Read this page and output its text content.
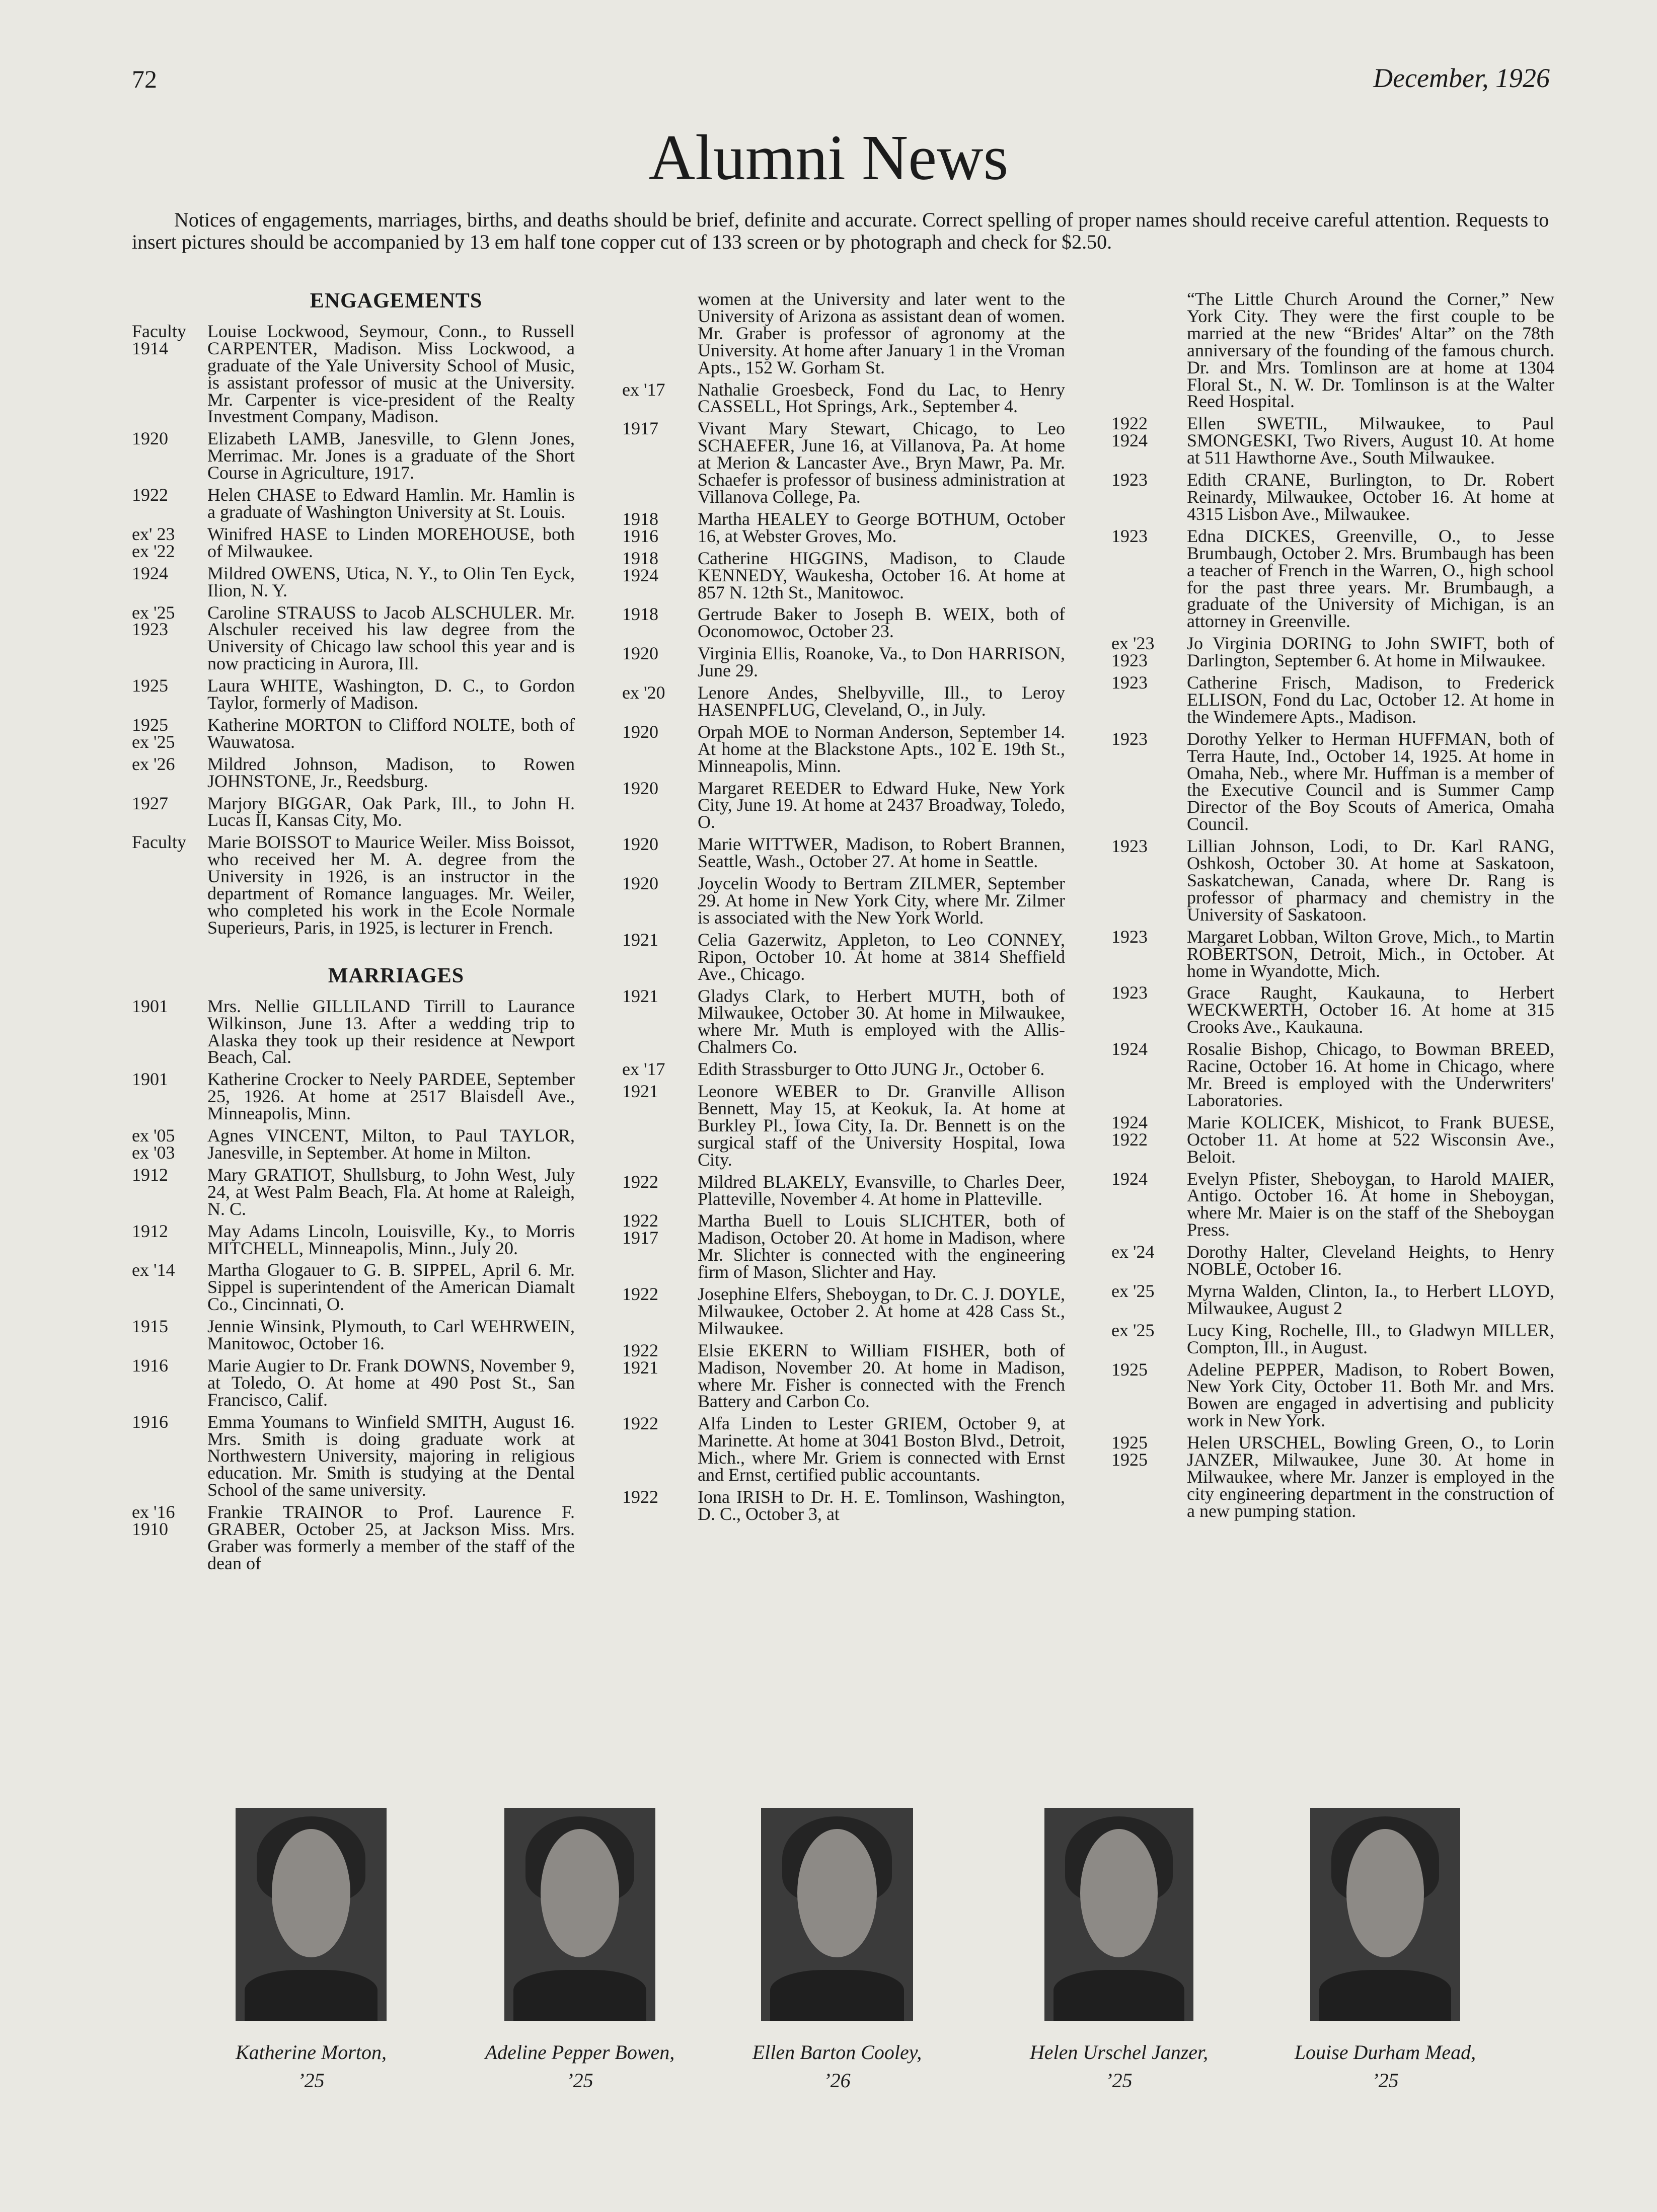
72	December, 1926
Alumni News
Notices of engagements, marriages, births, and deaths should be brief, definite and accurate. Correct spelling of proper names should receive careful attention. Requests to insert pictures should be accompanied by 13 em half tone copper cut of 133 screen or by photograph and check for $2.50.
ENGAGEMENTS
Faculty
1914
Louise Lockwood, Seymour, Conn., to Russell CARPENTER, Madison. Miss Lockwood, a graduate of the Yale University School of Music, is assistant professor of music at the University. Mr. Carpenter is vice-president of the Realty Investment Company, Madison.
1920 Elizabeth LAMB, Janesville, to Glenn Jones, Merrimac. Mr. Jones is a graduate of the Short Course in Agriculture, 1917.
1922 Helen CHASE to Edward Hamlin. Mr. Hamlin is a graduate of Washington University at St. Louis.
ex' 23
ex '22
Winifred HASE to Linden MOREHOUSE, both of Milwaukee.
1924 Mildred OWENS, Utica, N. Y., to Olin Ten Eyck, Ilion, N. Y.
ex '25
1923
Caroline STRAUSS to Jacob ALSCHULER. Mr. Alschuler received his law degree from the University of Chicago law school this year and is now practicing in Aurora, Ill.
1925 Laura WHITE, Washington, D. C., to Gordon Taylor, formerly of Madison.
1925
ex '25
Katherine MORTON to Clifford NOLTE, both of Wauwatosa.
ex '26 Mildred Johnson, Madison, to Rowen JOHNSTONE, Jr., Reedsburg.
1927 Marjory BIGGAR, Oak Park, Ill., to John H. Lucas II, Kansas City, Mo.
Faculty Marie BOISSOT to Maurice Weiler. Miss Boissot, who received her M. A. degree from the University in 1926, is an instructor in the department of Romance languages. Mr. Weiler, who completed his work in the Ecole Normale Superieurs, Paris, in 1925, is lecturer in French.
MARRIAGES
1901 Mrs. Nellie GILLILAND Tirrill to Laurance Wilkinson, June 13. After a wedding trip to Alaska they took up their residence at Newport Beach, Cal.
1901 Katherine Crocker to Neely PARDEE, September 25, 1926. At home at 2517 Blaisdell Ave., Minneapolis, Minn.
ex '05
ex '03
Agnes VINCENT, Milton, to Paul TAYLOR, Janesville, in September. At home in Milton.
1912 Mary GRATIOT, Shullsburg, to John West, July 24, at West Palm Beach, Fla. At home at Raleigh, N. C.
1912 May Adams Lincoln, Louisville, Ky., to Morris MITCHELL, Minneapolis, Minn., July 20.
ex '14 Martha Glogauer to G. B. SIPPEL, April 6. Mr. Sippel is superintendent of the American Diamalt Co., Cincinnati, O.
1915 Jennie Winsink, Plymouth, to Carl WEHRWEIN, Manitowoc, October 16.
1916 Marie Augier to Dr. Frank DOWNS, November 9, at Toledo, O. At home at 490 Post St., San Francisco, Calif.
1916 Emma Youmans to Winfield SMITH, August 16. Mrs. Smith is doing graduate work at Northwestern University, majoring in religious education. Mr. Smith is studying at the Dental School of the same university.
ex '16
1910
Frankie TRAINOR to Prof. Laurence F. GRABER, October 25, at Jackson Miss. Mrs. Graber was formerly a member of the staff of the dean of
women at the University and later went to the University of Arizona as assistant dean of women. Mr. Graber is professor of agronomy at the University. At home after January 1 in the Vroman Apts., 152 W. Gorham St.
ex '17 Nathalie Groesbeck, Fond du Lac, to Henry CASSELL, Hot Springs, Ark., September 4.
1917 Vivant Mary Stewart, Chicago, to Leo SCHAEFER, June 16, at Villanova, Pa. At home at Merion & Lancaster Ave., Bryn Mawr, Pa. Mr. Schaefer is professor of business administration at Villanova College, Pa.
1918
1916
Martha HEALEY to George BOTHUM, October 16, at Webster Groves, Mo.
1918
1924
Catherine HIGGINS, Madison, to Claude KENNEDY, Waukesha, October 16. At home at 857 N. 12th St., Manitowoc.
1918 Gertrude Baker to Joseph B. WEIX, both of Oconomowoc, October 23.
1920 Virginia Ellis, Roanoke, Va., to Don HARRISON, June 29.
ex '20 Lenore Andes, Shelbyville, Ill., to Leroy HASENPFLUG, Cleveland, O., in July.
1920 Orpah MOE to Norman Anderson, September 14. At home at the Blackstone Apts., 102 E. 19th St., Minneapolis, Minn.
1920 Margaret REEDER to Edward Huke, New York City, June 19. At home at 2437 Broadway, Toledo, O.
1920 Marie WITTWER, Madison, to Robert Brannen, Seattle, Wash., October 27. At home in Seattle.
1920 Joycelin Woody to Bertram ZILMER, September 29. At home in New York City, where Mr. Zilmer is associated with the New York World.
1921 Celia Gazerwitz, Appleton, to Leo CONNEY, Ripon, October 10. At home at 3814 Sheffield Ave., Chicago.
1921 Gladys Clark, to Herbert MUTH, both of Milwaukee, October 30. At home in Milwaukee, where Mr. Muth is employed with the Allis-Chalmers Co.
ex '17 Edith Strassburger to Otto JUNG Jr., October 6.
1921 Leonore WEBER to Dr. Granville Allison Bennett, May 15, at Keokuk, Ia. At home at Burkley Pl., Iowa City, Ia. Dr. Bennett is on the surgical staff of the University Hospital, Iowa City.
1922 Mildred BLAKELY, Evansville, to Charles Deer, Platteville, November 4. At home in Platteville.
1922
1917
Martha Buell to Louis SLICHTER, both of Madison, October 20. At home in Madison, where Mr. Slichter is connected with the engineering firm of Mason, Slichter and Hay.
1922 Josephine Elfers, Sheboygan, to Dr. C. J. DOYLE, Milwaukee, October 2. At home at 428 Cass St., Milwaukee.
1922
1921
Elsie EKERN to William FISHER, both of Madison, November 20. At home in Madison, where Mr. Fisher is connected with the French Battery and Carbon Co.
1922 Alfa Linden to Lester GRIEM, October 9, at Marinette. At home at 3041 Boston Blvd., Detroit, Mich., where Mr. Griem is connected with Ernst and Ernst, certified public accountants.
1922 Iona IRISH to Dr. H. E. Tomlinson, Washington, D. C., October 3, at
“The Little Church Around the Corner,” New York City. They were the first couple to be married at the new “Brides' Altar” on the 78th anniversary of the founding of the famous church. Dr. and Mrs. Tomlinson are at home at 1304 Floral St., N. W. Dr. Tomlinson is at the Walter Reed Hospital.
1922
1924
Ellen SWETIL, Milwaukee, to Paul SMONGESKI, Two Rivers, August 10. At home at 511 Hawthorne Ave., South Milwaukee.
1923 Edith CRANE, Burlington, to Dr. Robert Reinardy, Milwaukee, October 16. At home at 4315 Lisbon Ave., Milwaukee.
1923 Edna DICKES, Greenville, O., to Jesse Brumbaugh, October 2. Mrs. Brumbaugh has been a teacher of French in the Warren, O., high school for the past three years. Mr. Brumbaugh, a graduate of the University of Michigan, is an attorney in Greenville.
ex '23
1923
Jo Virginia DORING to John SWIFT, both of Darlington, September 6. At home in Milwaukee.
1923 Catherine Frisch, Madison, to Frederick ELLISON, Fond du Lac, October 12. At home in the Windemere Apts., Madison.
1923 Dorothy Yelker to Herman HUFFMAN, both of Terra Haute, Ind., October 14, 1925. At home in Omaha, Neb., where Mr. Huffman is a member of the Executive Council and is Summer Camp Director of the Boy Scouts of America, Omaha Council.
1923 Lillian Johnson, Lodi, to Dr. Karl RANG, Oshkosh, October 30. At home at Saskatoon, Saskatchewan, Canada, where Dr. Rang is professor of pharmacy and chemistry in the University of Saskatoon.
1923 Margaret Lobban, Wilton Grove, Mich., to Martin ROBERTSON, Detroit, Mich., in October. At home in Wyandotte, Mich.
1923 Grace Raught, Kaukauna, to Herbert WECKWERTH, October 16. At home at 315 Crooks Ave., Kaukauna.
1924 Rosalie Bishop, Chicago, to Bowman BREED, Racine, October 16. At home in Chicago, where Mr. Breed is employed with the Underwriters' Laboratories.
1924
1922
Marie KOLICEK, Mishicot, to Frank BUESE, October 11. At home at 522 Wisconsin Ave., Beloit.
1924 Evelyn Pfister, Sheboygan, to Harold MAIER, Antigo. October 16. At home in Sheboygan, where Mr. Maier is on the staff of the Sheboygan Press.
ex '24 Dorothy Halter, Cleveland Heights, to Henry NOBLE, October 16.
ex '25 Myrna Walden, Clinton, Ia., to Herbert LLOYD, Milwaukee, August 2
ex '25 Lucy King, Rochelle, Ill., to Gladwyn MILLER, Compton, Ill., in August.
1925 Adeline PEPPER, Madison, to Robert Bowen, New York City, October 11. Both Mr. and Mrs. Bowen are engaged in advertising and publicity work in New York.
1925
1925
Helen URSCHEL, Bowling Green, O., to Lorin JANZER, Milwaukee, June 30. At home in Milwaukee, where Mr. Janzer is employed in the city engineering department in the construction of a new pumping station.
Katherine Morton,
’25
Adeline Pepper Bowen,
’25
Ellen Barton Cooley,
’26
Helen Urschel Janzer,
’25
Louise Durham Mead,
’25
